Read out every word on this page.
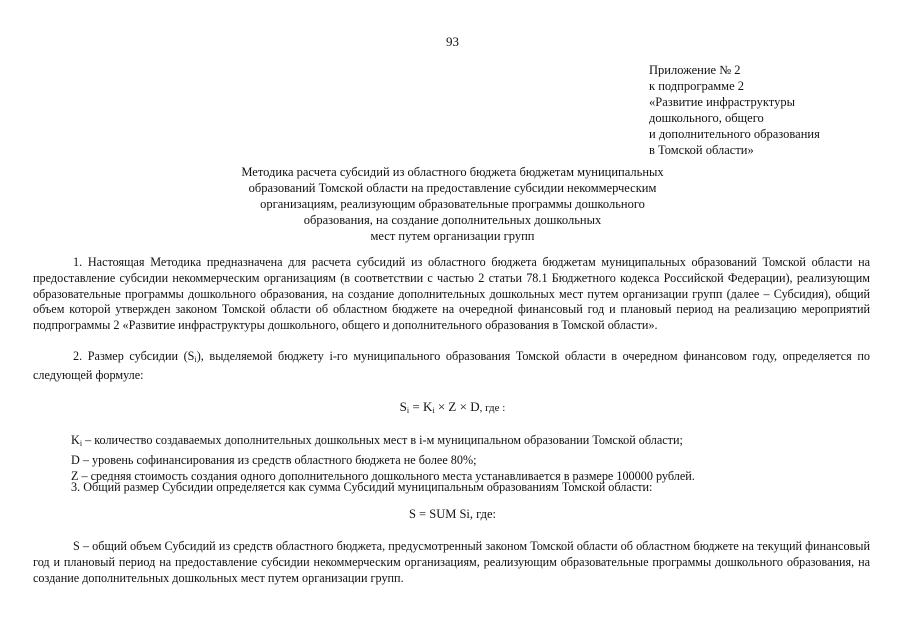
93
Приложение № 2
к подпрограмме 2
«Развитие инфраструктуры
дошкольного, общего
и дополнительного образования
в Томской области»
Методика расчета субсидий из областного бюджета бюджетам муниципальных
образований Томской области на предоставление субсидии некоммерческим
организациям, реализующим образовательные программы дошкольного
образования, на создание дополнительных дошкольных
мест путем организации групп
1. Настоящая Методика предназначена для расчета субсидий из областного бюджета бюджетам муниципальных образований Томской области на предоставление субсидии некоммерческим организациям (в соответствии с частью 2 статьи 78.1 Бюджетного кодекса Российской Федерации), реализующим образовательные программы дошкольного образования, на создание дополнительных дошкольных мест путем организации групп (далее – Субсидия), общий объем которой утвержден законом Томской области об областном бюджете на очередной финансовый год и плановый период на реализацию мероприятий подпрограммы 2 «Развитие инфраструктуры дошкольного, общего и дополнительного образования в Томской области».
2. Размер субсидии $(S_i)$, выделяемой бюджету i-го муниципального образования Томской области в очередном финансовом году, определяется по следующей формуле:
$S_i = K_i \times Z \times D$, где :
$K_i$ – количество создаваемых дополнительных дошкольных мест в i-м муниципальном образовании Томской области;
D – уровень софинансирования из средств областного бюджета не более 80%;
Z – средняя стоимость создания одного дополнительного дошкольного места устанавливается в размере 100000 рублей.
3. Общий размер Субсидии определяется как сумма Субсидий муниципальным образованиям Томской области:
S = SUM Si, где:
S – общий объем Субсидий из средств областного бюджета, предусмотренный законом Томской области об областном бюджете на текущий финансовый год и плановый период на предоставление субсидии некоммерческим организациям, реализующим образовательные программы дошкольного образования, на создание дополнительных дошкольных мест путем организации групп.
